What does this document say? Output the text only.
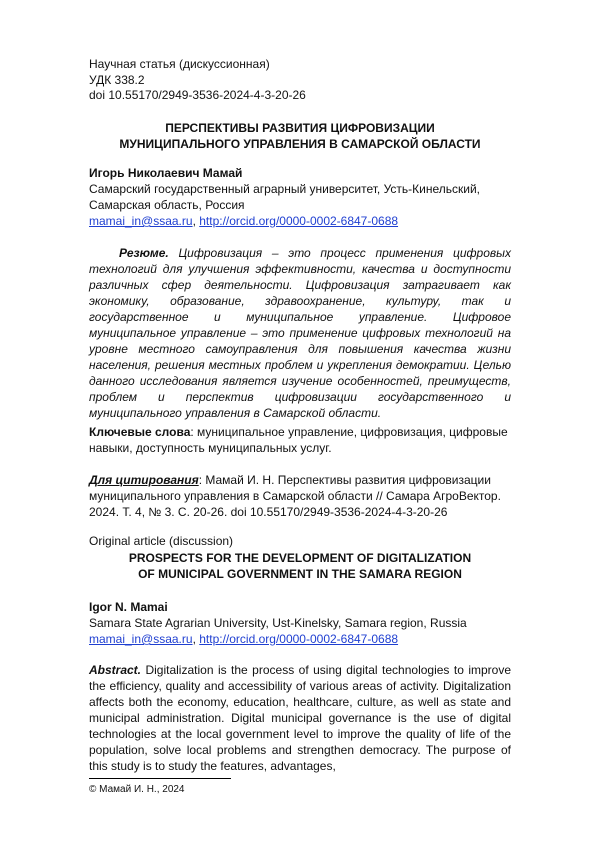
Научная статья (дискуссионная)
УДК 338.2
doi 10.55170/2949-3536-2024-4-3-20-26
ПЕРСПЕКТИВЫ РАЗВИТИЯ ЦИФРОВИЗАЦИИ
МУНИЦИПАЛЬНОГО УПРАВЛЕНИЯ В САМАРСКОЙ ОБЛАСТИ
Игорь Николаевич Мамай
Самарский государственный аграрный университет, Усть-Кинельский, Самарская область, Россия
mamai_in@ssaa.ru, http://orcid.org/0000-0002-6847-0688
Резюме. Цифровизация – это процесс применения цифровых технологий для улучшения эффективности, качества и доступности различных сфер деятельности. Цифровизация затрагивает как экономику, образование, здравоохранение, культуру, так и государственное и муниципальное управление. Цифровое муниципальное управление – это применение цифровых технологий на уровне местного самоуправления для повышения качества жизни населения, решения местных проблем и укрепления демократии. Целью данного исследования является изучение особенностей, преимуществ, проблем и перспектив цифровизации государственного и муниципального управления в Самарской области.
Ключевые слова: муниципальное управление, цифровизация, цифровые навыки, доступность муниципальных услуг.
Для цитирования: Мамай И. Н. Перспективы развития цифровизации муниципального управления в Самарской области // Самара АгроВектор. 2024. Т. 4, № 3. С. 20-26. doi 10.55170/2949-3536-2024-4-3-20-26
Original article (discussion)
PROSPECTS FOR THE DEVELOPMENT OF DIGITALIZATION
OF MUNICIPAL GOVERNMENT IN THE SAMARA REGION
Igor N. Mamai
Samara State Agrarian University, Ust-Kinelsky, Samara region, Russia
mamai_in@ssaa.ru, http://orcid.org/0000-0002-6847-0688
Abstract. Digitalization is the process of using digital technologies to improve the efficiency, quality and accessibility of various areas of activity. Digitalization affects both the economy, education, healthcare, culture, as well as state and municipal administration. Digital municipal governance is the use of digital technologies at the local government level to improve the quality of life of the population, solve local problems and strengthen democracy. The purpose of this study is to study the features, advantages,
© Мамай И. Н., 2024
